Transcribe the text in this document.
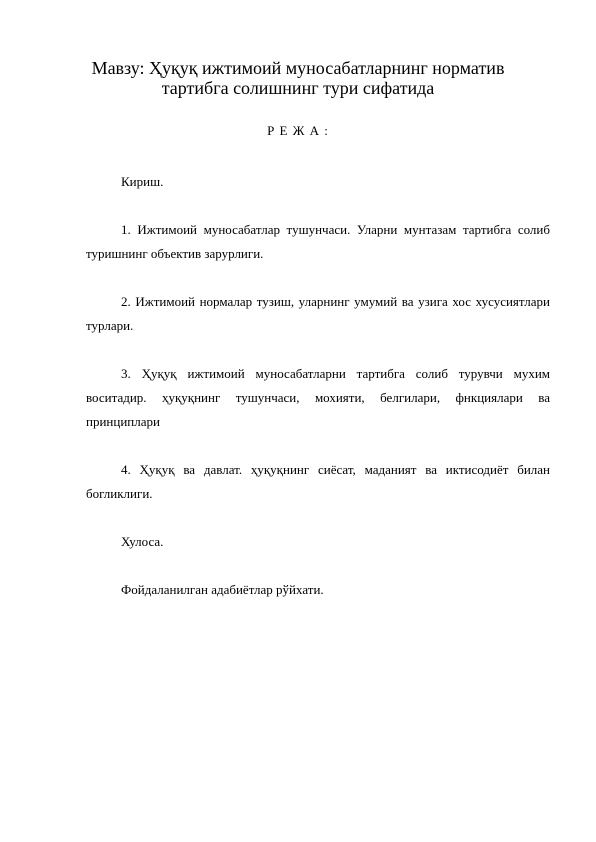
Мавзу: Ҳуқуқ ижтимоий муносабатларнинг норматив тартибга солишнинг тури сифатида
Р Е Ж А :
Кириш.
1. Ижтимоий муносабатлар тушунчаси. Уларни мунтазам тартибга солиб туришнинг объектив зарурлиги.
2. Ижтимоий нормалар тузиш, уларнинг умумий ва узига хос хусусиятлари турлари.
3. Ҳуқуқ ижтимоий муносабатларни тартибга солиб турувчи мухим воситадир. ҳуқуқнинг тушунчаси, мохияти, белгилари, фнкциялари ва принциплари
4. Ҳуқуқ ва давлат. ҳуқуқнинг сиёсат, маданият ва иктисодиёт билан богликлиги.
Хулоса.
Фойдаланилган адабиётлар рўйхати.
